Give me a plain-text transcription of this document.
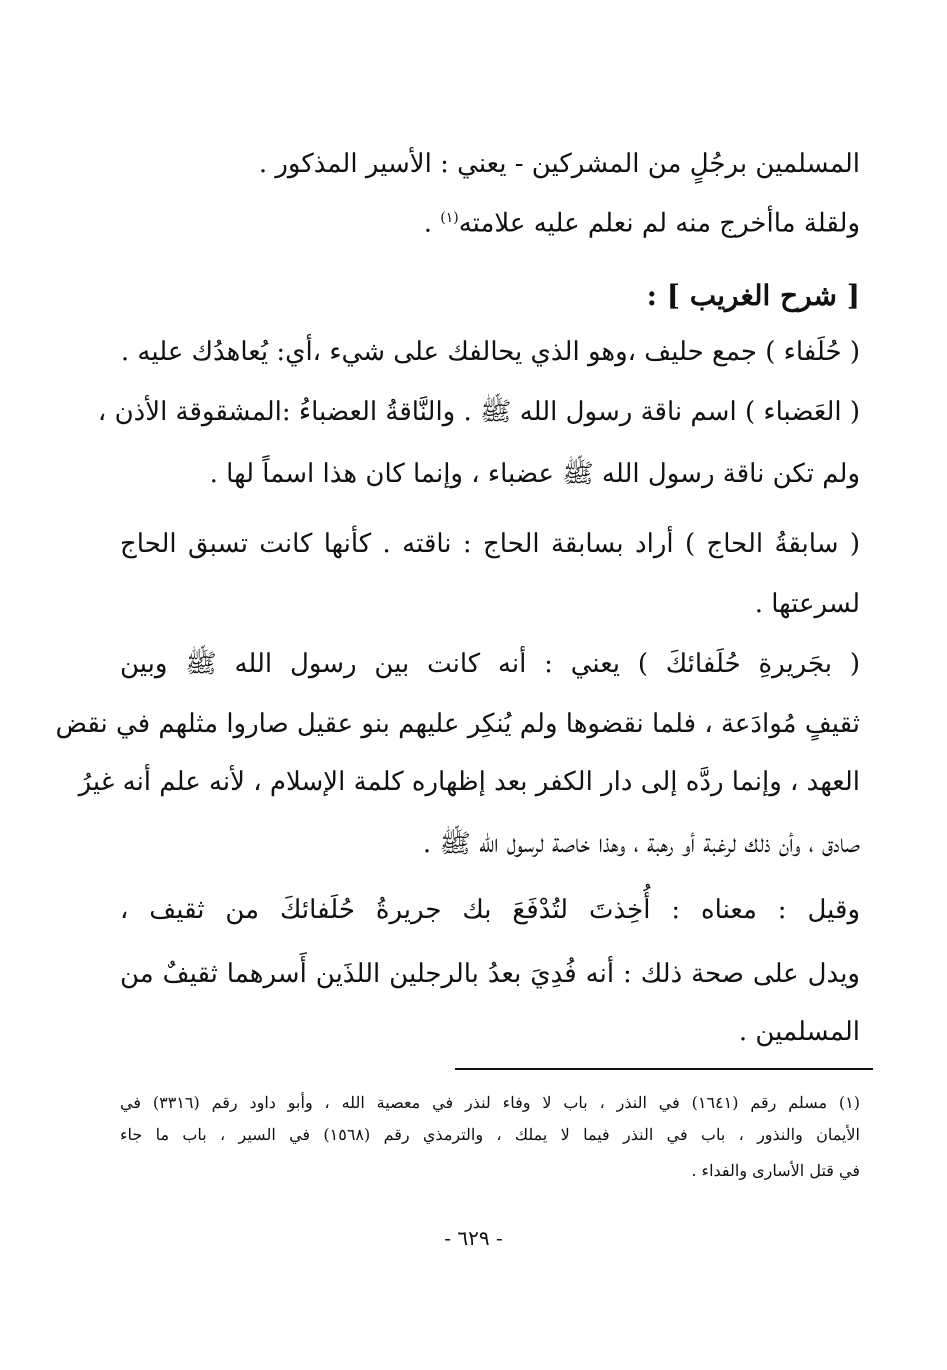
المسلمين برجُلٍ من المشركين - يعني : الأسير المذكور .
ولقلة ماأخرج منه لم نعلم عليه علامته$^{(١)}$ .
[ شرح الغريب ] :
( حُلَفاء ) جمع حليف ،وهو الذي يحالفك على شيء ،أي: يُعاهدُك عليه .
( العَضباء ) اسم ناقة رسول الله ﷺ . والنَّاقةُ العضباءُ :المشقوقة الأذن ،
ولم تكن ناقة رسول الله ﷺ عضباء ، وإنما كان هذا اسماً لها .
( سابقةُ الحاج ) أراد بسابقة الحاج : ناقته . كأنها كانت تسبق الحاج
لسرعتها .
( بجَريرةِ حُلَفائكَ ) يعني : أنه كانت بين رسول الله ﷺ وبين
ثقيفٍ مُوادَعة ، فلما نقضوها ولم يُنكِر عليهم بنو عقيل صاروا مثلهم في نقض
العهد ، وإنما ردَّه إلى دار الكفر بعد إظهاره كلمة الإسلام ، لأنه علم أنه غيرُ
صادق ، وأن ذلك لرغبة أو رهبة ، وهذا خاصة لرسول الله ﷺ .
وقيل : معناه : أُخِذتَ لتُدْفَعَ بك جريرةُ حُلَفائكَ من ثقيف ،
ويدل على صحة ذلك : أنه فُدِيَ بعدُ بالرجلين اللذَين أَسرهما ثقيفٌ من
المسلمين .
(١) مسلم رقم (١٦٤١) في النذر ، باب لا وفاء لنذر في معصية الله ، وأبو داود رقم (٣٣١٦) في
الأيمان والنذور ، باب في النذر فيما لا يملك ، والترمذي رقم (١٥٦٨) في السير ، باب ما جاء
في قتل الأسارى والفداء .
- ٦٢٩ -
